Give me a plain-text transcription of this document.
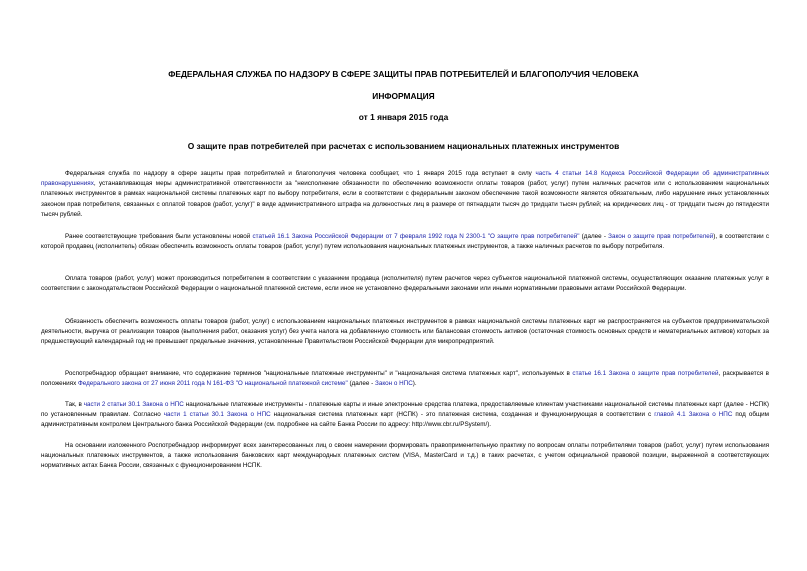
ФЕДЕРАЛЬНАЯ СЛУЖБА ПО НАДЗОРУ В СФЕРЕ ЗАЩИТЫ ПРАВ ПОТРЕБИТЕЛЕЙ И БЛАГОПОЛУЧИЯ ЧЕЛОВЕКА
ИНФОРМАЦИЯ
от 1 января 2015 года
О защите прав потребителей при расчетах с использованием национальных платежных инструментов
Федеральная служба по надзору в сфере защиты прав потребителей и благополучия человека сообщает, что 1 января 2015 года вступает в силу часть 4 статьи 14.8 Кодекса Российской Федерации об административных правонарушениях, устанавливающая меры административной ответственности за "неисполнение обязанности по обеспечению возможности оплаты товаров (работ, услуг) путем наличных расчетов или с использованием национальных платежных инструментов в рамках национальной системы платежных карт по выбору потребителя, если в соответствии с федеральным законом обеспечение такой возможности является обязательным, либо нарушение иных установленных законом прав потребителя, связанных с оплатой товаров (работ, услуг)" в виде административного штрафа на должностных лиц в размере от пятнадцати тысяч до тридцати тысяч рублей; на юридических лиц - от тридцати тысяч до пятидесяти тысяч рублей.
Ранее соответствующие требования были установлены новой статьей 16.1 Закона Российской Федерации от 7 февраля 1992 года N 2300-1 "О защите прав потребителей" (далее - Закон о защите прав потребителей), в соответствии с которой продавец (исполнитель) обязан обеспечить возможность оплаты товаров (работ, услуг) путем использования национальных платежных инструментов, а также наличных расчетов по выбору потребителя.
Оплата товаров (работ, услуг) может производиться потребителем в соответствии с указанием продавца (исполнителя) путем расчетов через субъектов национальной платежной системы, осуществляющих оказание платежных услуг в соответствии с законодательством Российской Федерации о национальной платежной системе, если иное не установлено федеральными законами или иными нормативными правовыми актами Российской Федерации.
Обязанность обеспечить возможность оплаты товаров (работ, услуг) с использованием национальных платежных инструментов в рамках национальной системы платежных карт не распространяется на субъектов предпринимательской деятельности, выручка от реализации товаров (выполнения работ, оказания услуг) без учета налога на добавленную стоимость или балансовая стоимость активов (остаточная стоимость основных средств и нематериальных активов) которых за предшествующий календарный год не превышает предельные значения, установленные Правительством Российской Федерации для микропредприятий.
Роспотребнадзор обращает внимание, что содержание терминов "национальные платежные инструменты" и "национальная система платежных карт", используемых в статье 16.1 Закона о защите прав потребителей, раскрывается в положениях Федерального закона от 27 июня 2011 года N 161-ФЗ "О национальной платежной системе" (далее - Закон о НПС).
Так, в части 2 статьи 30.1 Закона о НПС национальные платежные инструменты - платежные карты и иные электронные средства платежа, предоставляемые клиентам участниками национальной системы платежных карт (далее - НСПК) по установленным правилам. Согласно части 1 статьи 30.1 Закона о НПС национальная система платежных карт (НСПК) - это платежная система, созданная и функционирующая в соответствии с главой 4.1 Закона о НПС под общим административным контролем Центрального банка Российской Федерации (см. подробнее на сайте Банка России по адресу: http://www.cbr.ru/PSystem/).
На основании изложенного Роспотребнадзор информирует всех заинтересованных лиц о своем намерении формировать правоприменительную практику по вопросам оплаты потребителями товаров (работ, услуг) путем использования национальных платежных инструментов, а также использования банковских карт международных платежных систем (VISA, MasterCard и т.д.) в таких расчетах, с учетом официальной правовой позиции, выраженной в соответствующих нормативных актах Банка России, связанных с функционированием НСПК.
